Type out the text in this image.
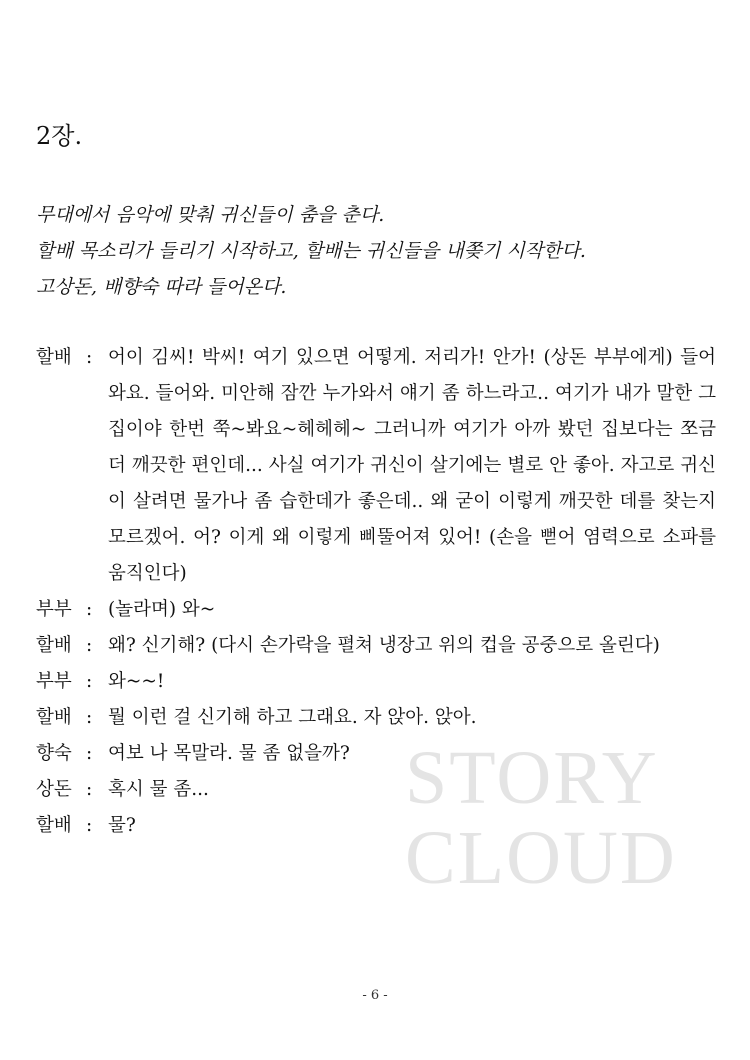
STORY
CLOUD
2장.
무대에서 음악에 맞춰 귀신들이 춤을 춘다.
할배 목소리가 들리기 시작하고, 할배는 귀신들을 내쫒기 시작한다.
고상돈, 배향숙 따라 들어온다.
할배 : 어이 김씨! 박씨! 여기 있으면 어떻게. 저리가! 안가! (상돈 부부에게) 들어와요. 들어와. 미안해 잠깐 누가와서 얘기 좀 하느라고.. 여기가 내가 말한 그 집이야 한번 쭉~봐요~헤헤헤~ 그러니까 여기가 아까 봤던 집보다는 쪼금 더 깨끗한 편인데... 사실 여기가 귀신이 살기에는 별로 안 좋아. 자고로 귀신이 살려면 물가나 좀 습한데가 좋은데.. 왜 굳이 이렇게 깨끗한 데를 찾는지 모르겠어. 어? 이게 왜 이렇게 삐뚤어져 있어! (손을 뻗어 염력으로 소파를 움직인다)
부부 : (놀라며) 와~
할배 : 왜? 신기해? (다시 손가락을 펼쳐 냉장고 위의 컵을 공중으로 올린다)
부부 : 와~~!
할배 : 뭘 이런 걸 신기해 하고 그래요. 자 앉아. 앉아.
향숙 : 여보 나 목말라. 물 좀 없을까?
상돈 : 혹시 물 좀...
할배 : 물?
- 6 -
